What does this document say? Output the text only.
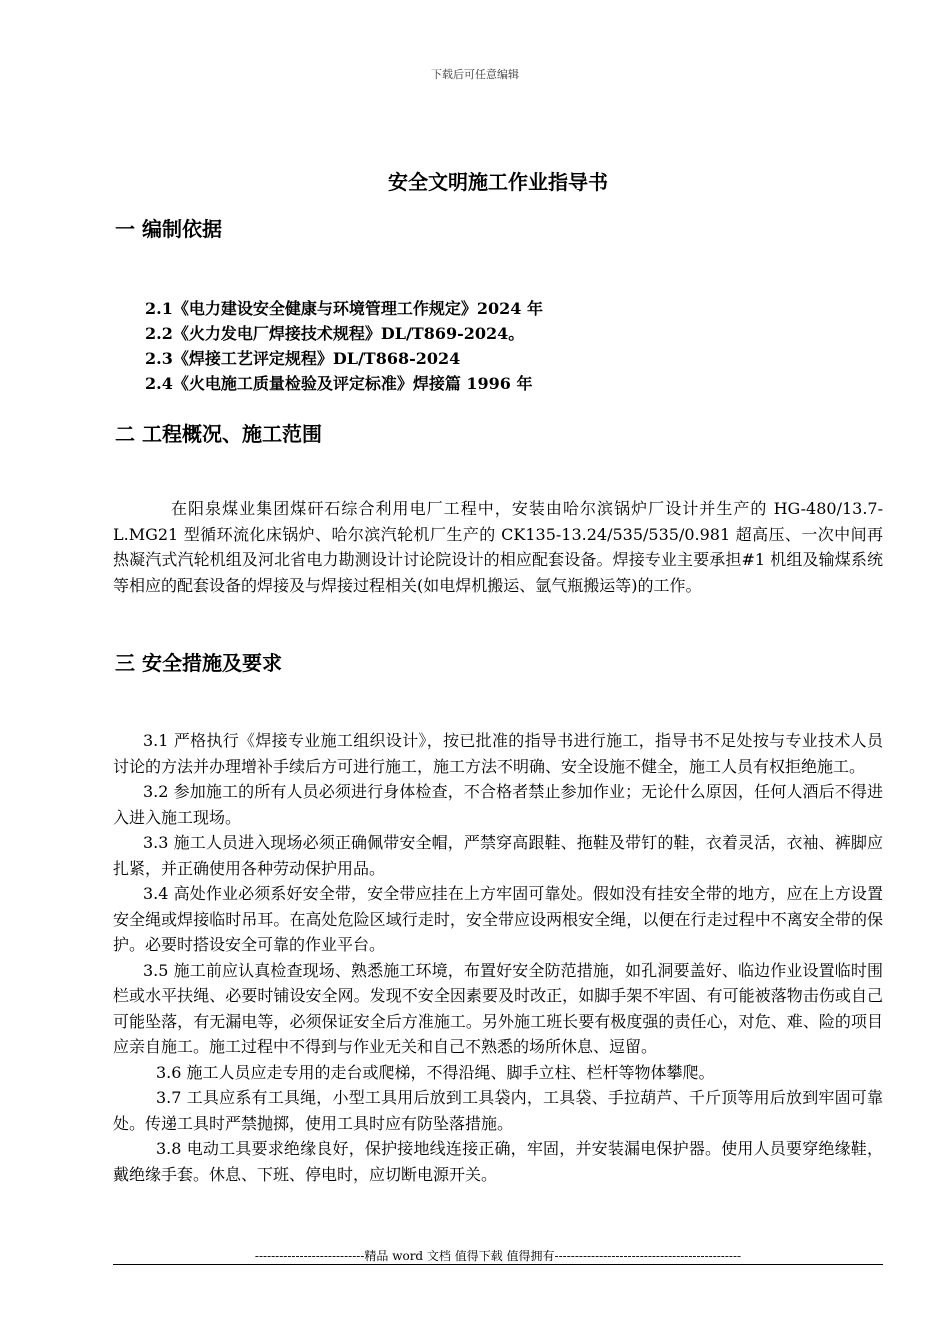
下载后可任意编辑
安全文明施工作业指导书
一 编制依据
2.1《电力建设安全健康与环境管理工作规定》2024 年
2.2《火力发电厂焊接技术规程》DL/T869-2024。
2.3《焊接工艺评定规程》DL/T868-2024
2.4《火电施工质量检验及评定标准》焊接篇 1996 年
二 工程概况、施工范围

在阳泉煤业集团煤矸石综合利用电厂工程中，安装由哈尔滨锅炉厂设计并生产的 HG-480/13.7-L.MG21 型循环流化床锅炉、哈尔滨汽轮机厂生产的 CK135-13.24/535/535/0.981 超高压、一次中间再热凝汽式汽轮机组及河北省电力勘测设计讨论院设计的相应配套设备。焊接专业主要承担#1 机组及输煤系统等相应的配套设备的焊接及与焊接过程相关(如电焊机搬运、氩气瓶搬运等)的工作。

三 安全措施及要求

3.1 严格执行《焊接专业施工组织设计》，按已批准的指导书进行施工，指导书不足处按与专业技术人员讨论的方法并办理增补手续后方可进行施工，施工方法不明确、安全设施不健全，施工人员有权拒绝施工。

3.2 参加施工的所有人员必须进行身体检查，不合格者禁止参加作业；无论什么原因，任何人酒后不得进入进入施工现场。

3.3 施工人员进入现场必须正确佩带安全帽，严禁穿高跟鞋、拖鞋及带钉的鞋，衣着灵活，衣袖、裤脚应扎紧，并正确使用各种劳动保护用品。

3.4 高处作业必须系好安全带，安全带应挂在上方牢固可靠处。假如没有挂安全带的地方，应在上方设置安全绳或焊接临时吊耳。在高处危险区域行走时，安全带应设两根安全绳，以便在行走过程中不离安全带的保护。必要时搭设安全可靠的作业平台。

3.5 施工前应认真检查现场、熟悉施工环境，布置好安全防范措施，如孔洞要盖好、临边作业设置临时围栏或水平扶绳、必要时铺设安全网。发现不安全因素要及时改正，如脚手架不牢固、有可能被落物击伤或自己可能坠落，有无漏电等，必须保证安全后方准施工。另外施工班长要有极度强的责任心，对危、难、险的项目应亲自施工。施工过程中不得到与作业无关和自己不熟悉的场所休息、逗留。

3.6 施工人员应走专用的走台或爬梯，不得沿绳、脚手立柱、栏杆等物体攀爬。

3.7 工具应系有工具绳，小型工具用后放到工具袋内，工具袋、手拉葫芦、千斤顶等用后放到牢固可靠处。传递工具时严禁抛掷，使用工具时应有防坠落措施。

3.8 电动工具要求绝缘良好，保护接地线连接正确，牢固，并安装漏电保护器。使用人员要穿绝缘鞋，戴绝缘手套。休息、下班、停电时，应切断电源开关。

---------------------------精品 word 文档 值得下载 值得拥有----------------------------------------------
